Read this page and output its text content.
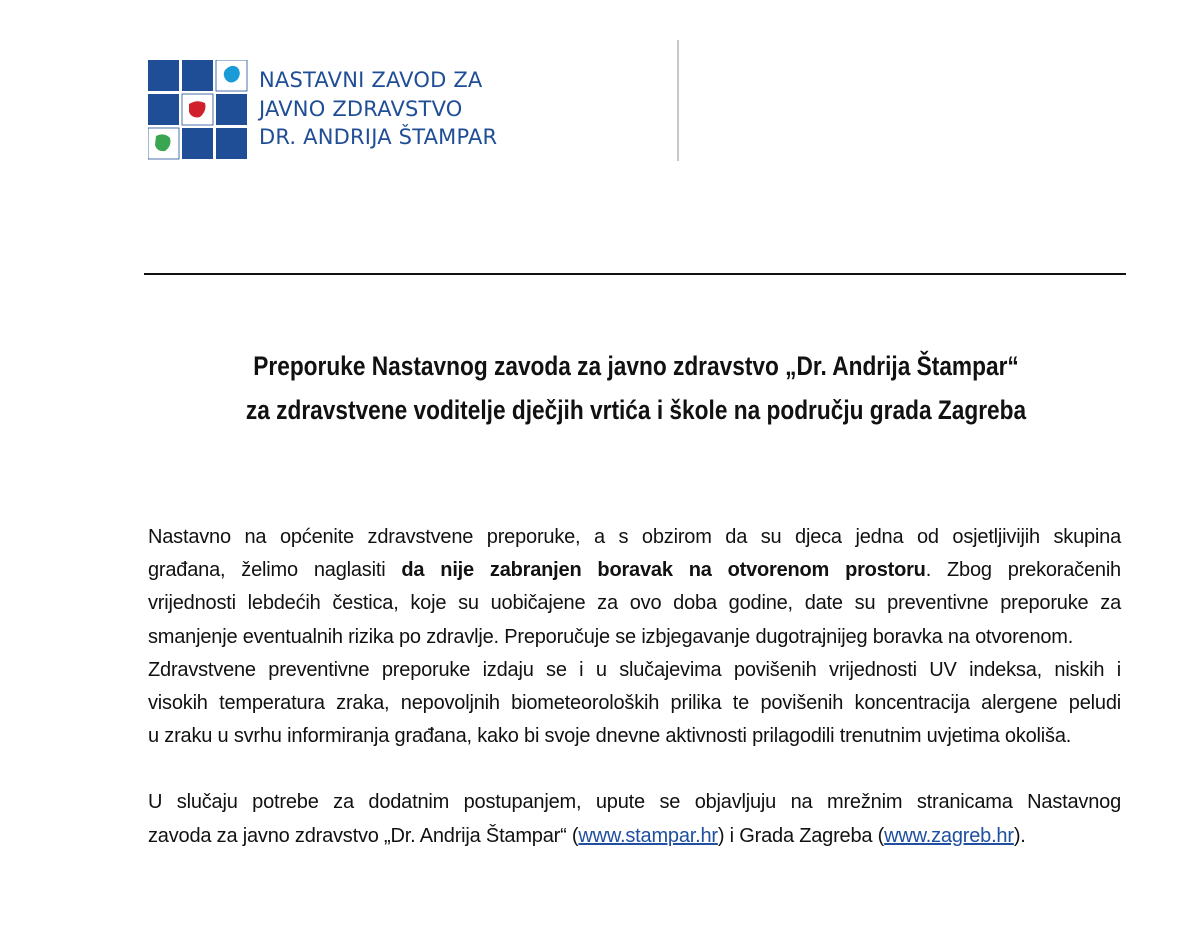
NASTAVNI ZAVOD ZA
JAVNO ZDRAVSTVO
DR. ANDRIJA ŠTAMPAR
Preporuke Nastavnog zavoda za javno zdravstvo „Dr. Andrija Štampar“
za zdravstvene voditelje dječjih vrtića i škole na području grada Zagreba

Nastavno na općenite zdravstvene preporuke, a s obzirom da su djeca jedna od osjetljivijih skupina
građana, želimo naglasiti da nije zabranjen boravak na otvorenom prostoru. Zbog prekoračenih
vrijednosti lebdećih čestica, koje su uobičajene za ovo doba godine, date su preventivne preporuke za
smanjenje eventualnih rizika po zdravlje. Preporučuje se izbjegavanje dugotrajnijeg boravka na otvorenom.
Zdravstvene preventivne preporuke izdaju se i u slučajevima povišenih vrijednosti UV indeksa, niskih i
visokih temperatura zraka, nepovoljnih biometeoroloških prilika te povišenih koncentracija alergene peludi
u zraku u svrhu informiranja građana, kako bi svoje dnevne aktivnosti prilagodili trenutnim uvjetima okoliša.

U slučaju potrebe za dodatnim postupanjem, upute se objavljuju na mrežnim stranicama Nastavnog
zavoda za javno zdravstvo „Dr. Andrija Štampar“ (www.stampar.hr) i Grada Zagreba (www.zagreb.hr).
